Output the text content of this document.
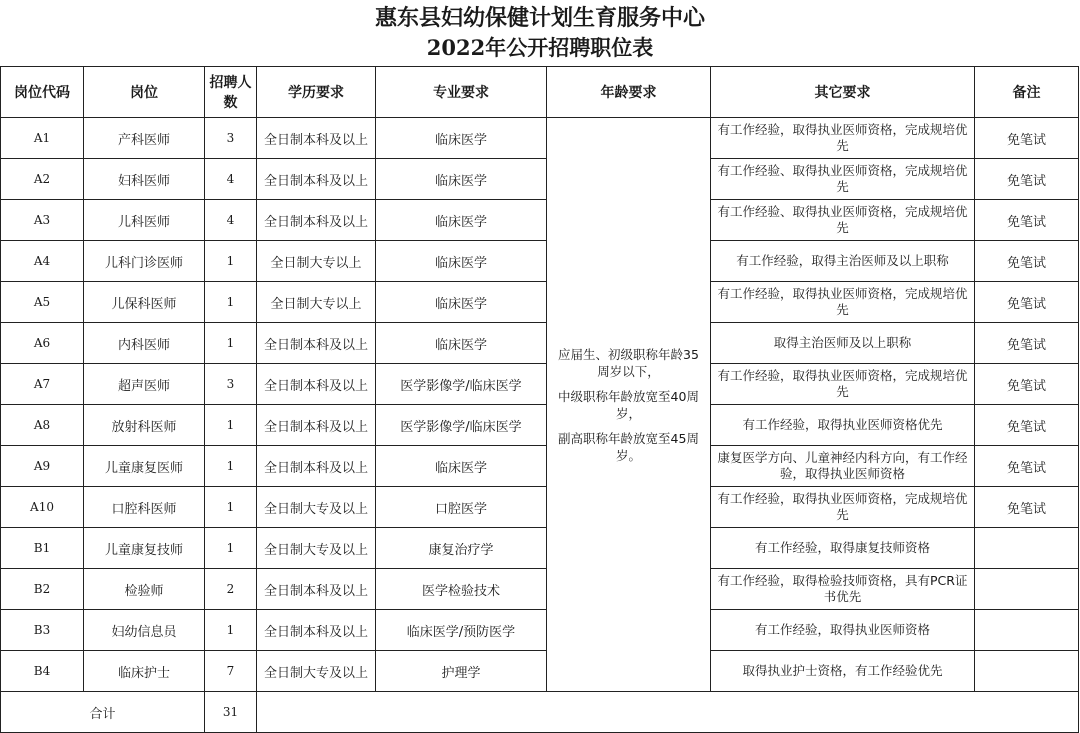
惠东县妇幼保健计划生育服务中心
2022年公开招聘职位表
岗位代码	岗位	招聘人数	学历要求	专业要求	年龄要求	其它要求	备注
A1	产科医师	3	全日制本科及以上	临床医学	应届生、初级职称年龄35周岁以下，

中级职称年龄放宽至40周岁，

副高职称年龄放宽至45周岁。	有工作经验，取得执业医师资格，完成规培优先	免笔试
A2	妇科医师	4	全日制本科及以上	临床医学		有工作经验、取得执业医师资格，完成规培优先	免笔试
A3	儿科医师	4	全日制本科及以上	临床医学		有工作经验、取得执业医师资格，完成规培优先	免笔试
A4	儿科门诊医师	1	全日制大专以上	临床医学		有工作经验，取得主治医师及以上职称	免笔试
A5	儿保科医师	1	全日制大专以上	临床医学		有工作经验，取得执业医师资格，完成规培优先	免笔试
A6	内科医师	1	全日制本科及以上	临床医学		取得主治医师及以上职称	免笔试
A7	超声医师	3	全日制本科及以上	医学影像学/临床医学		有工作经验，取得执业医师资格，完成规培优先	免笔试
A8	放射科医师	1	全日制本科及以上	医学影像学/临床医学		有工作经验，取得执业医师资格优先	免笔试
A9	儿童康复医师	1	全日制本科及以上	临床医学		康复医学方向、儿童神经内科方向，有工作经验，取得执业医师资格	免笔试
A10	口腔科医师	1	全日制大专及以上	口腔医学		有工作经验，取得执业医师资格，完成规培优先	免笔试
B1	儿童康复技师	1	全日制大专及以上	康复治疗学		有工作经验，取得康复技师资格	
B2	检验师	2	全日制本科及以上	医学检验技术		有工作经验，取得检验技师资格，具有PCR证书优先	
B3	妇幼信息员	1	全日制本科及以上	临床医学/预防医学		有工作经验，取得执业医师资格	
B4	临床护士	7	全日制大专及以上	护理学		取得执业护士资格，有工作经验优先	
合计		31					
